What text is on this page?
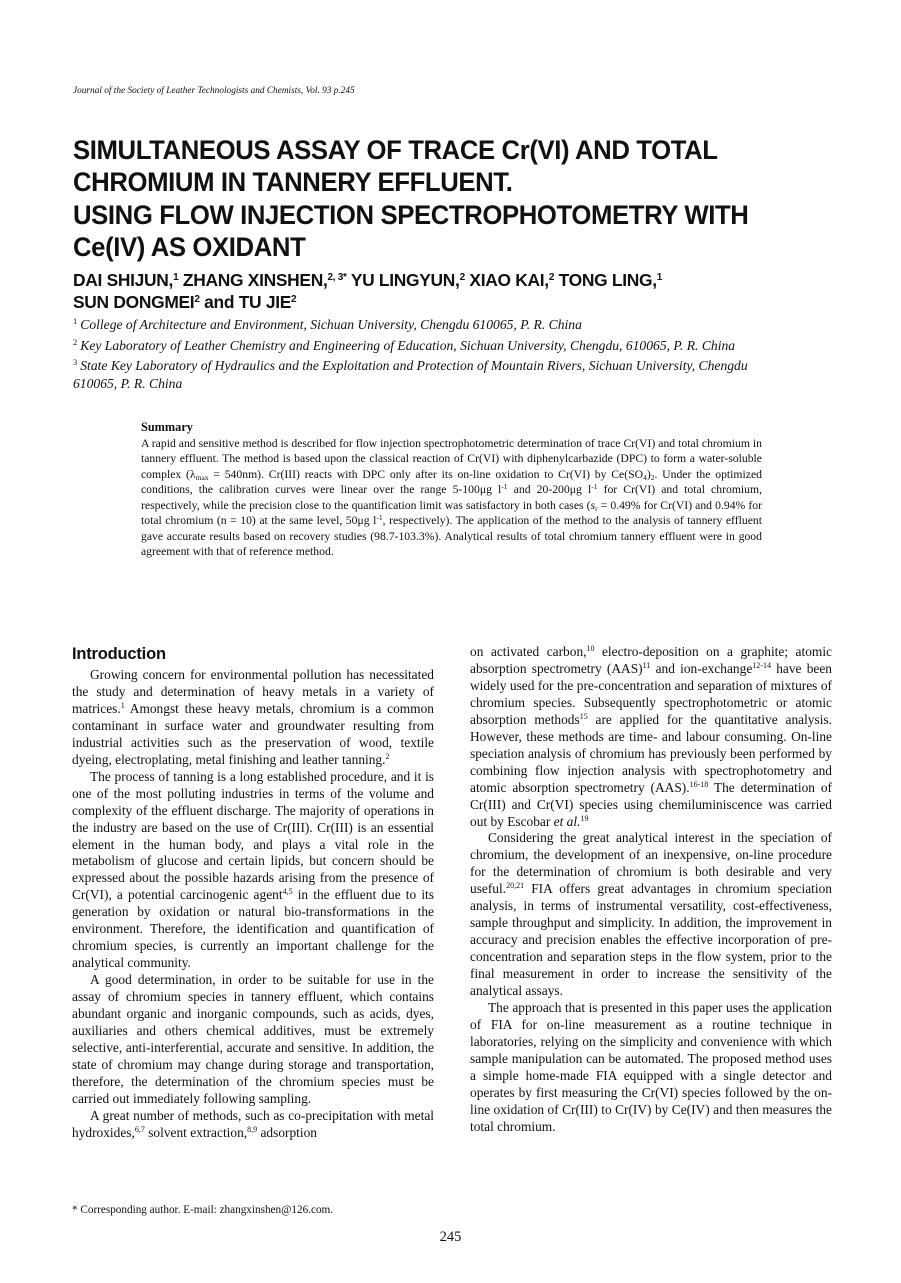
Journal of the Society of Leather Technologists and Chemists, Vol. 93 p.245
SIMULTANEOUS ASSAY OF TRACE Cr(VI) AND TOTAL
CHROMIUM IN TANNERY EFFLUENT.
USING FLOW INJECTION SPECTROPHOTOMETRY WITH
Ce(IV) AS OXIDANT
DAI SHIJUN,$^1$ ZHANG XINSHEN,$^{2, 3*}$ YU LINGYUN,$^2$ XIAO KAI,$^2$ TONG LING,$^1$
SUN DONGMEI$^2$ and TU JIE$^2$
$^1$ College of Architecture and Environment, Sichuan University, Chengdu 610065, P. R. China
$^2$ Key Laboratory of Leather Chemistry and Engineering of Education, Sichuan University, Chengdu, 610065, P. R. China
$^3$ State Key Laboratory of Hydraulics and the Exploitation and Protection of Mountain Rivers, Sichuan University, Chengdu 610065, P. R. China
Summary
A rapid and sensitive method is described for flow injection spectrophotometric determination of trace Cr(VI) and total chromium in tannery effluent. The method is based upon the classical reaction of Cr(VI) with diphenylcarbazide (DPC) to form a water-soluble complex $(\lambda_{max} = 540nm)$. Cr(III) reacts with DPC only after its on-line oxidation to Cr(VI) by $Ce(SO_4)_2$. Under the optimized conditions, the calibration curves were linear over the range 5-100μg $l^{-1}$ and 20-200μg $l^{-1}$ for Cr(VI) and total chromium, respectively, while the precision close to the quantification limit was satisfactory in both cases ($s_r = 0.49\%$ for Cr(VI) and 0.94% for total chromium (n = 10) at the same level, 50μg $l^{-1}$, respectively). The application of the method to the analysis of tannery effluent gave accurate results based on recovery studies (98.7-103.3%). Analytical results of total chromium tannery effluent were in good agreement with that of reference method.
Introduction

Growing concern for environmental pollution has necessitated the study and determination of heavy metals in a variety of matrices.$^1$ Amongst these heavy metals, chromium is a common contaminant in surface water and groundwater resulting from industrial activities such as the preservation of wood, textile dyeing, electroplating, metal finishing and leather tanning.$^2$

The process of tanning is a long established procedure, and it is one of the most polluting industries in terms of the volume and complexity of the effluent discharge. The majority of operations in the industry are based on the use of Cr(III). Cr(III) is an essential element in the human body, and plays a vital role in the metabolism of glucose and certain lipids, but concern should be expressed about the possible hazards arising from the presence of Cr(VI), a potential carcinogenic agent$^{4,5}$ in the effluent due to its generation by oxidation or natural bio-transformations in the environment. Therefore, the identification and quantification of chromium species, is currently an important challenge for the analytical community.

A good determination, in order to be suitable for use in the assay of chromium species in tannery effluent, which contains abundant organic and inorganic compounds, such as acids, dyes, auxiliaries and others chemical additives, must be extremely selective, anti-interferential, accurate and sensitive. In addition, the state of chromium may change during storage and transportation, therefore, the determination of the chromium species must be carried out immediately following sampling.

A great number of methods, such as co-precipitation with metal hydroxides,$^{6,7}$ solvent extraction,$^{8,9}$ adsorption

on activated carbon,$^{10}$ electro-deposition on a graphite; atomic absorption spectrometry (AAS)$^{11}$ and ion-exchange$^{12-14}$ have been widely used for the pre-concentration and separation of mixtures of chromium species. Subsequently spectrophotometric or atomic absorption methods$^{15}$ are applied for the quantitative analysis. However, these methods are time- and labour consuming. On-line speciation analysis of chromium has previously been performed by combining flow injection analysis with spectrophotometry and atomic absorption spectrometry (AAS).$^{16-18}$ The determination of Cr(III) and Cr(VI) species using chemiluminiscence was carried out by Escobar et al.$^{19}$

Considering the great analytical interest in the speciation of chromium, the development of an inexpensive, on-line procedure for the determination of chromium is both desirable and very useful.$^{20,21}$ FIA offers great advantages in chromium speciation analysis, in terms of instrumental versatility, cost-effectiveness, sample throughput and simplicity. In addition, the improvement in accuracy and precision enables the effective incorporation of pre-concentration and separation steps in the flow system, prior to the final measurement in order to increase the sensitivity of the analytical assays.

The approach that is presented in this paper uses the application of FIA for on-line measurement as a routine technique in laboratories, relying on the simplicity and convenience with which sample manipulation can be automated. The proposed method uses a simple home-made FIA equipped with a single detector and operates by first measuring the Cr(VI) species followed by the on-line oxidation of Cr(III) to Cr(IV) by Ce(IV) and then measures the total chromium.

* Corresponding author. E-mail: zhangxinshen@126.com.
245
